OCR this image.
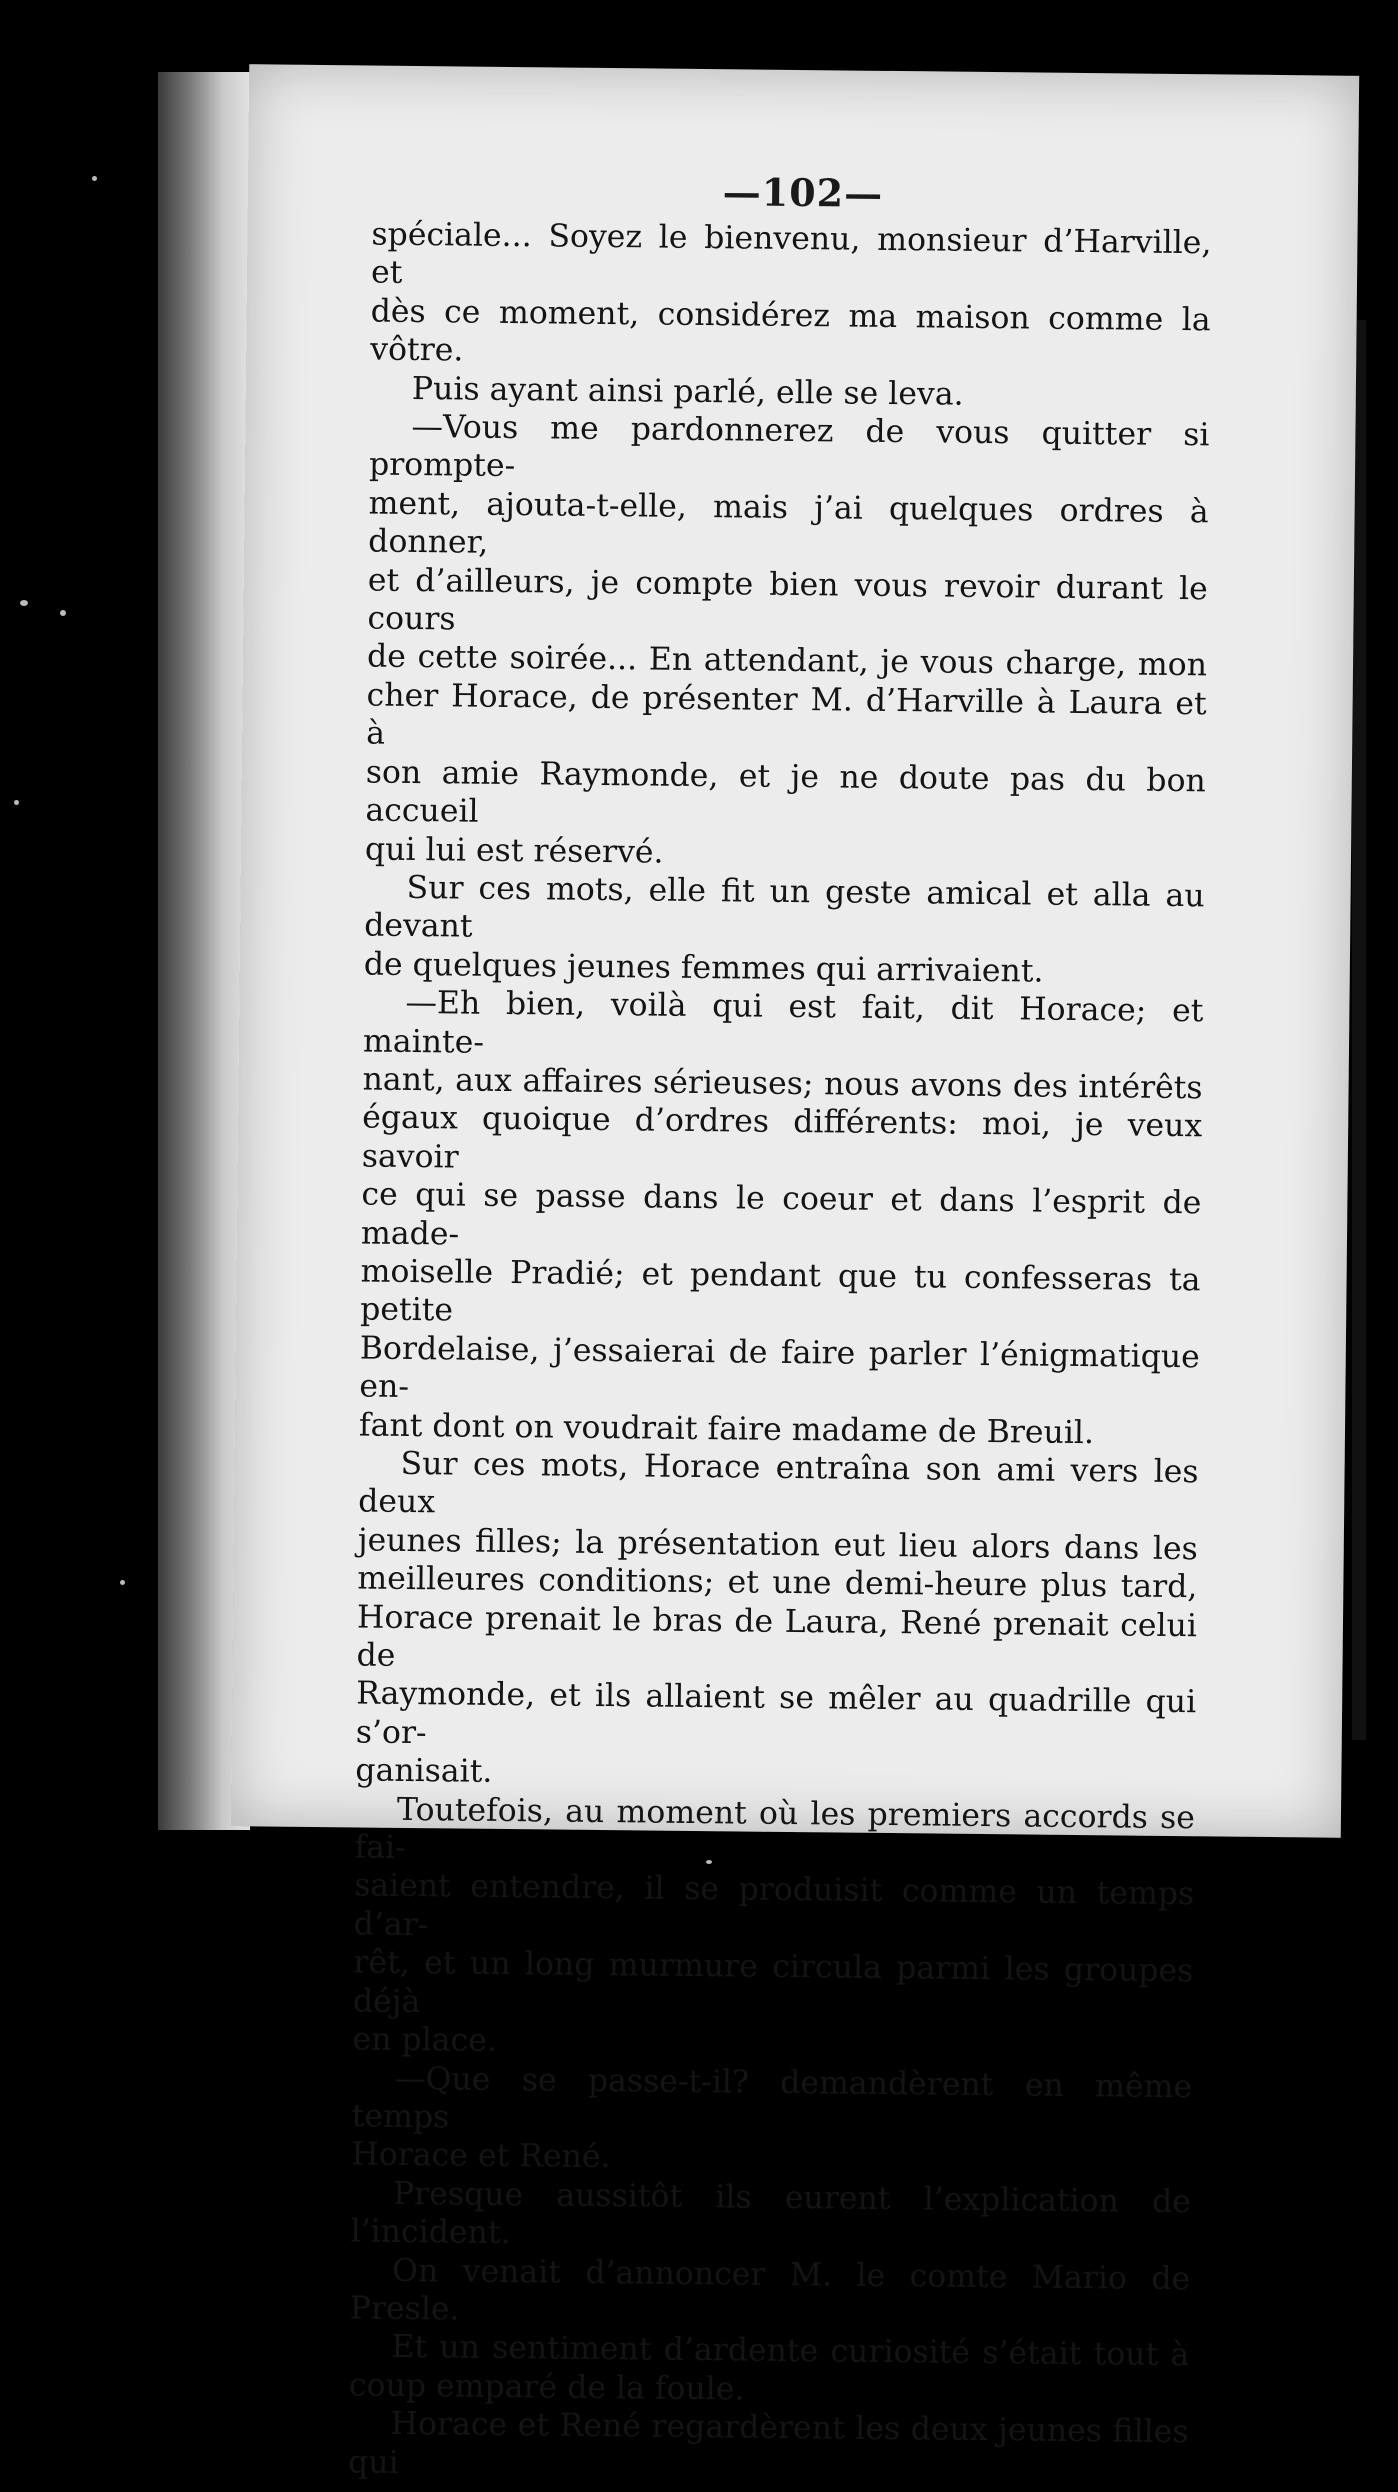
—102—

spéciale... Soyez le bienvenu, monsieur d’Harville, et

dès ce moment, considérez ma maison comme la vôtre.

Puis ayant ainsi parlé, elle se leva.

—Vous me pardonnerez de vous quitter si prompte-

ment, ajouta-t-elle, mais j’ai quelques ordres à donner,

et d’ailleurs, je compte bien vous revoir durant le cours

de cette soirée... En attendant, je vous charge, mon

cher Horace, de présenter M. d’Harville à Laura et à

son amie Raymonde, et je ne doute pas du bon accueil

qui lui est réservé.

Sur ces mots, elle fit un geste amical et alla au devant

de quelques jeunes femmes qui arrivaient.

—Eh bien, voilà qui est fait, dit Horace; et mainte-

nant, aux affaires sérieuses; nous avons des intérêts

égaux quoique d’ordres différents: moi, je veux savoir

ce qui se passe dans le coeur et dans l’esprit de made-

moiselle Pradié; et pendant que tu confesseras ta petite

Bordelaise, j’essaierai de faire parler l’énigmatique en-

fant dont on voudrait faire madame de Breuil.

Sur ces mots, Horace entraîna son ami vers les deux

jeunes filles; la présentation eut lieu alors dans les

meilleures conditions; et une demi-heure plus tard,

Horace prenait le bras de Laura, René prenait celui de

Raymonde, et ils allaient se mêler au quadrille qui s’or-

ganisait.

Toutefois, au moment où les premiers accords se fai-

saient entendre, il se produisit comme un temps d’ar-

rêt, et un long murmure circula parmi les groupes déjà

en place.

—Que se passe-t-il? demandèrent en même temps

Horace et René.

Presque aussitôt ils eurent l’explication de l’incident.

On venait d’annoncer M. le comte Mario de Presle.

Et un sentiment d’ardente curiosité s’était tout à

coup emparé de la foule.

Horace et René regardèrent les deux jeunes filles qui
